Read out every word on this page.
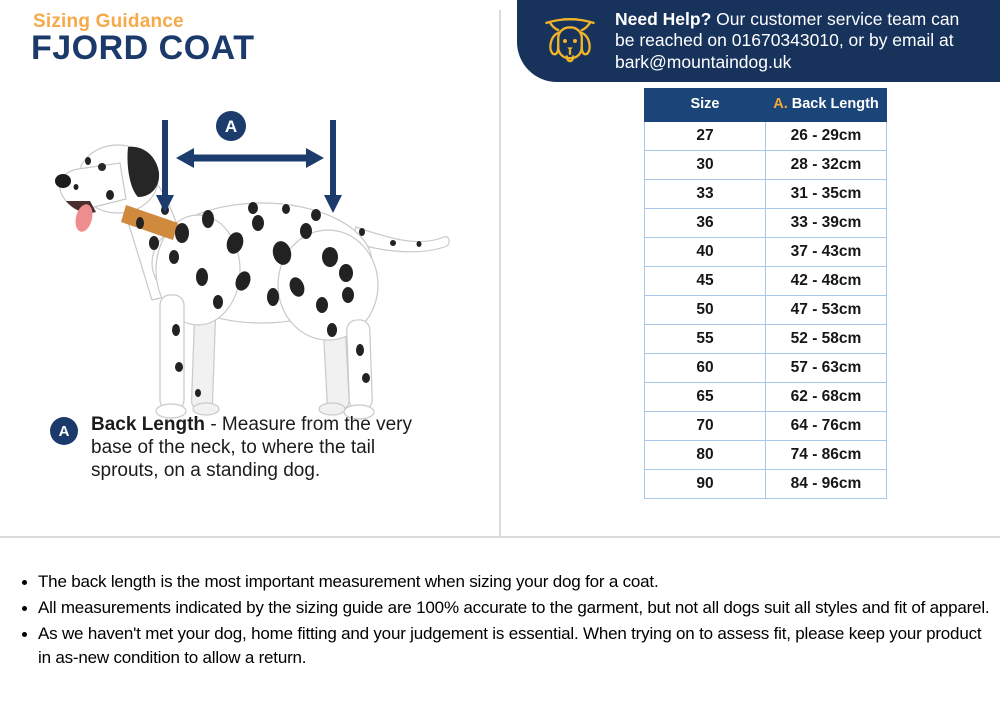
Sizing Guidance
FJORD COAT
Need Help? Our customer service team can be reached on 01670343010, or by email at bark@mountaindog.uk
Size	A. Back Length
27	26 - 29cm
30	28 - 32cm
33	31 - 35cm
36	33 - 39cm
40	37 - 43cm
45	42 - 48cm
50	47 - 53cm
55	52 - 58cm
60	57 - 63cm
65	62 - 68cm
70	64 - 76cm
80	74 - 86cm
90	84 - 96cm
A
A	Back Length - Measure from the very base of the neck, to where the tail sprouts, on a standing dog.
The back length is the most important measurement when sizing your dog for a coat.
All measurements indicated by the sizing guide are 100% accurate to the garment, but not all dogs suit all styles and fit of apparel.
As we haven't met your dog, home fitting and your judgement is essential. When trying on to assess fit, please keep your product in as-new condition to allow a return.
